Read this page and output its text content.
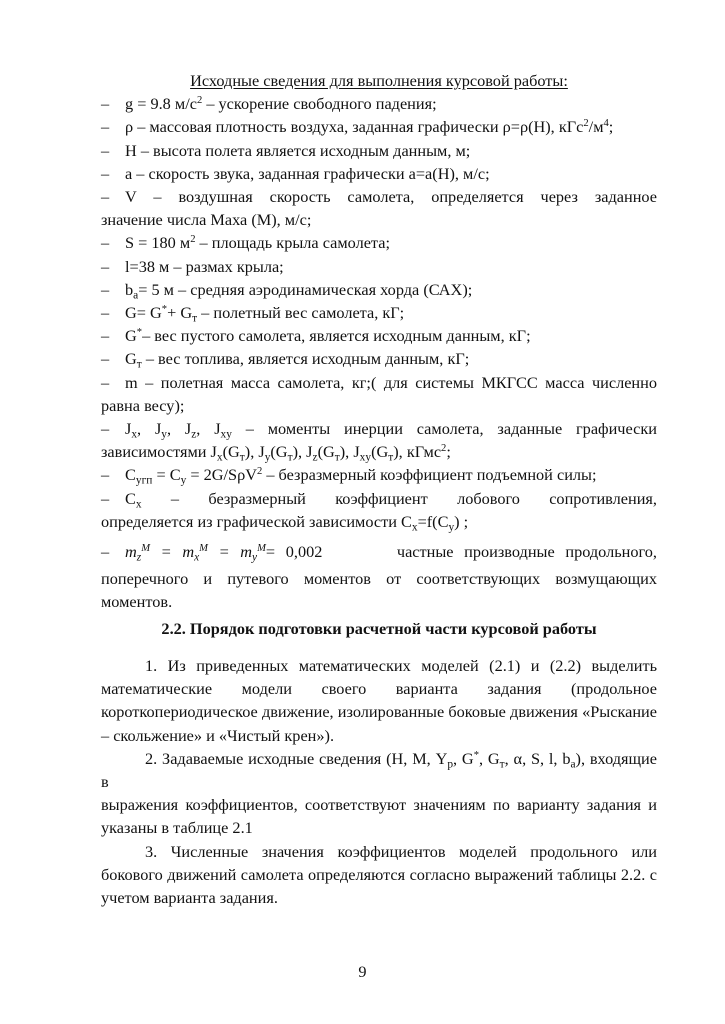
Исходные сведения для выполнения курсовой работы:
– g = 9.8 $м/с^2$ – ускорение свободного падения;
– ρ – массовая плотность воздуха, заданная графически ρ=ρ(Н), $кГс^2/м^4$;
– Н – высота полета является исходным данным, м;
– а – скорость звука, заданная графически а=а(Н), м/с;
– V – воздушная скорость самолета, определяется через заданное
значение числа Маха (М), м/с;
– S = 180 $м^2$ – площадь крыла самолета;
– l=38 м – размах крыла;
– $b_a= 5$ м – средняя аэродинамическая хорда (САХ);
– $G= G^*+ G_т$ – полетный вес самолета, кГ;
– G*– вес пустого самолета, является исходным данным, кГ;
– $G_т$ – вес топлива, является исходным данным, кГ;
– m – полетная масса самолета, кг;( для системы МКГСС масса численно
равна весу);
– $J_x$, $J_y$, $J_z$, $J_{xy}$ – моменты инерции самолета, заданные графически
зависимостями $J_x(G_т)$, $J_y(G_т)$, $J_z(G_т)$, $J_{xy}(G_т)$, кГмс$^2$;
– $C_{угп} = C_у = 2G/S\rho V^2$ – безразмерный коэффициент подъемной силы;
– $С_х$ – безразмерный коэффициент лобового сопротивления,
определяется из графической зависимости $С_х=f(С_у)$ ;
– $m_z^M = m_x^M = m_y^M= 0,002$	частные производные продольного,
поперечного и путевого моментов от соответствующих возмущающих
моментов.
2.2. Порядок подготовки расчетной части курсовой работы
1. Из приведенных математических моделей (2.1) и (2.2) выделить
математические модели своего варианта задания (продольное
короткопериодическое движение, изолированные боковые движения «Рыскание
– скольжение» и «Чистый крен»).
2. Задаваемые исходные сведения (Н, М, $Y_p$, G*, $G_т$, α, S, l, $b_a$), входящие в
выражения коэффициентов, соответствуют значениям по варианту задания и
указаны в таблице 2.1
3. Численные значения коэффициентов моделей продольного или
бокового движений самолета определяются согласно выражений таблицы 2.2. с
учетом варианта задания.
9
